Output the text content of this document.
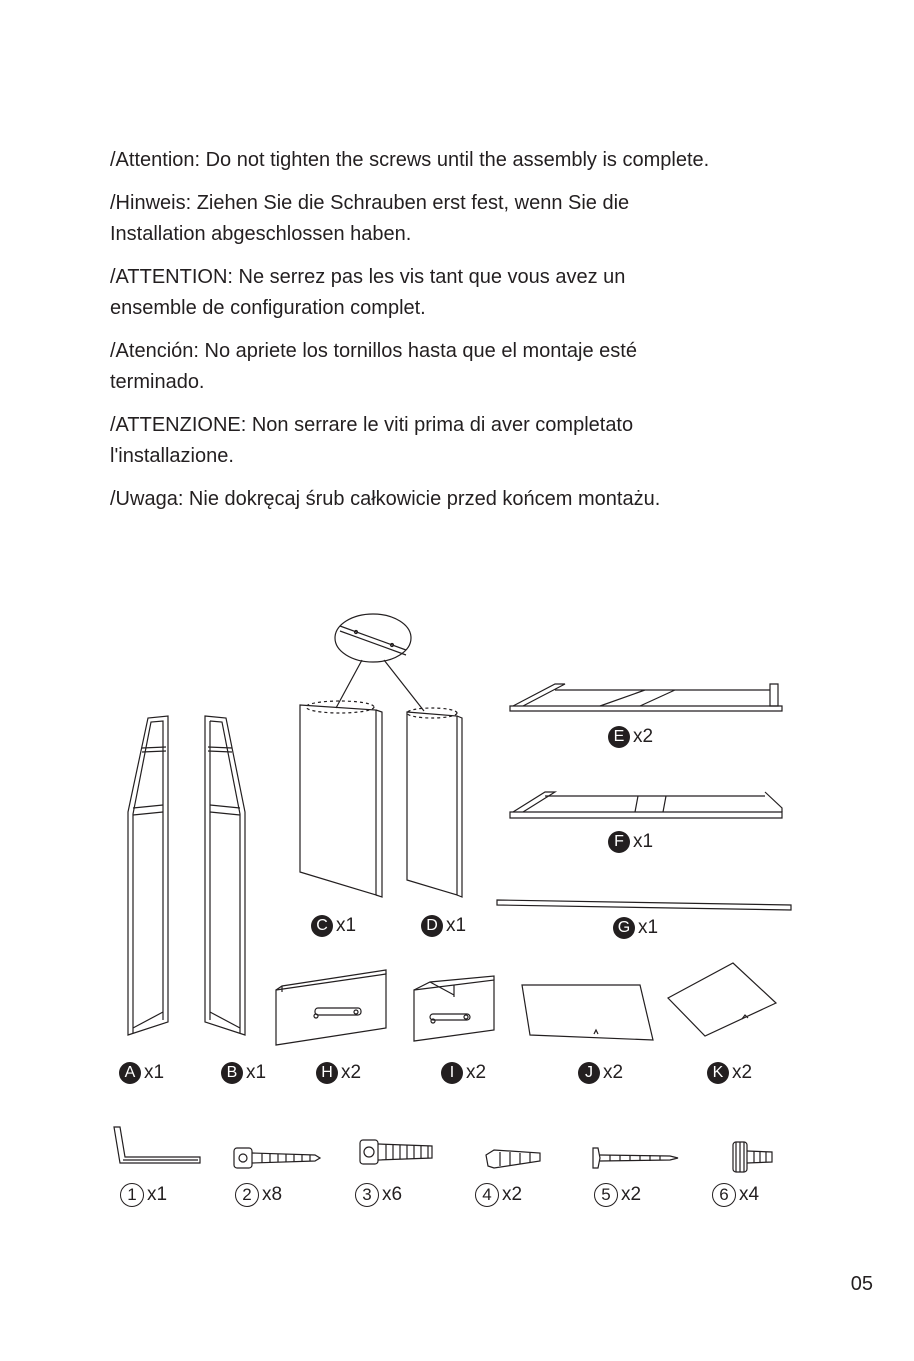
/Attention: Do not tighten the screws until the assembly is complete.

/Hinweis: Ziehen Sie die Schrauben erst fest, wenn Sie die Installation abgeschlossen haben.

/ATTENTION: Ne serrez pas les vis tant que vous avez un ensemble de configuration complet.

/Atención: No apriete los tornillos hasta que el montaje esté terminado.

/ATTENZIONE: Non serrare le viti prima di aver completato l'installazione.

/Uwaga: Nie dokręcaj śrub całkowicie przed końcem montażu.

E x2
F x1
C x1	D x1	G x1
A x1	B x1	H x2	I x2	J x2	K x2
1 x1	2 x8	3 x6	4 x2	5 x2	6 x4
05
